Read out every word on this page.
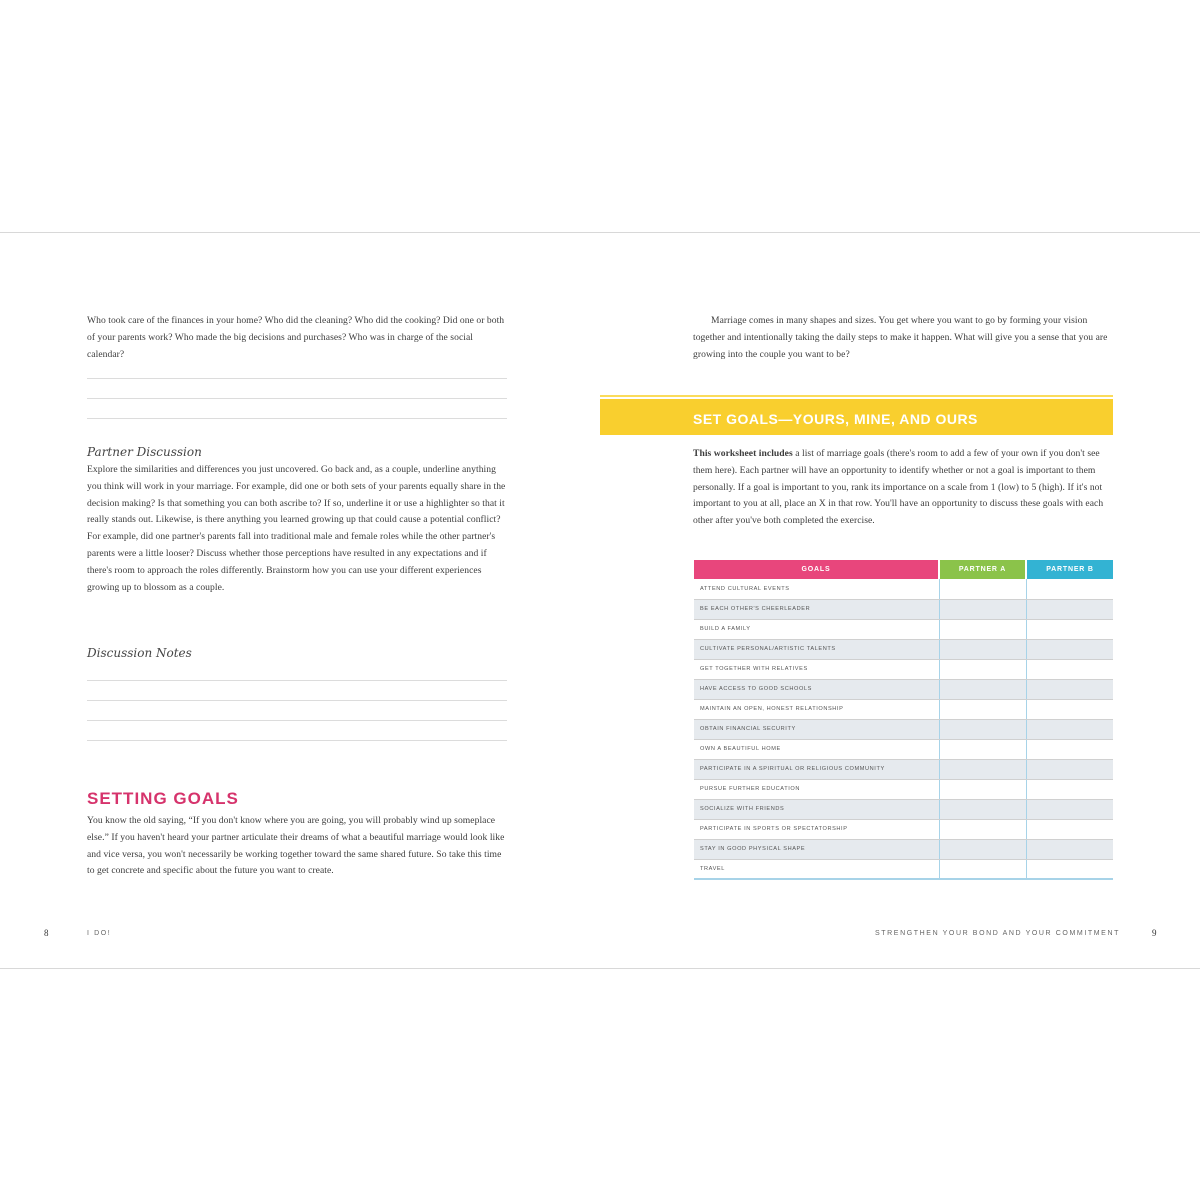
Who took care of the finances in your home? Who did the cleaning? Who did the cooking? Did one or both of your parents work? Who made the big decisions and purchases? Who was in charge of the social calendar?

Partner Discussion

Explore the similarities and differences you just uncovered. Go back and, as a couple, underline anything you think will work in your marriage. For example, did one or both sets of your parents equally share in the decision making? Is that something you can both ascribe to? If so, underline it or use a highlighter so that it really stands out. Likewise, is there anything you learned growing up that could cause a potential conflict? For example, did one partner's parents fall into traditional male and female roles while the other partner's parents were a little looser? Discuss whether those perceptions have resulted in any expectations and if there's room to approach the roles differently. Brainstorm how you can use your different experiences growing up to blossom as a couple.

Discussion Notes
SETTING GOALS

You know the old saying, “If you don't know where you are going, you will probably wind up someplace else.” If you haven't heard your partner articulate their dreams of what a beautiful marriage would look like and vice versa, you won't necessarily be working together toward the same shared future. So take this time to get concrete and specific about the future you want to create.

8	I DO!

Marriage comes in many shapes and sizes. You get where you want to go by forming your vision together and intentionally taking the daily steps to make it happen. What will give you a sense that you are growing into the couple you want to be?

SET GOALS—YOURS, MINE, AND OURS

This worksheet includes a list of marriage goals (there's room to add a few of your own if you don't see them here). Each partner will have an opportunity to identify whether or not a goal is important to them personally. If a goal is important to you, rank its importance on a scale from 1 (low) to 5 (high). If it's not important to you at all, place an X in that row. You'll have an opportunity to discuss these goals with each other after you've both completed the exercise.

GOALS	PARTNER A	PARTNER B
ATTEND CULTURAL EVENTS		
BE EACH OTHER'S CHEERLEADER		
BUILD A FAMILY		
CULTIVATE PERSONAL/ARTISTIC TALENTS		
GET TOGETHER WITH RELATIVES		
HAVE ACCESS TO GOOD SCHOOLS		
MAINTAIN AN OPEN, HONEST RELATIONSHIP		
OBTAIN FINANCIAL SECURITY		
OWN A BEAUTIFUL HOME		
PARTICIPATE IN A SPIRITUAL OR RELIGIOUS COMMUNITY		
PURSUE FURTHER EDUCATION		
SOCIALIZE WITH FRIENDS		
PARTICIPATE IN SPORTS OR SPECTATORSHIP		
STAY IN GOOD PHYSICAL SHAPE		
TRAVEL		
STRENGTHEN YOUR BOND AND YOUR COMMITMENT	9
